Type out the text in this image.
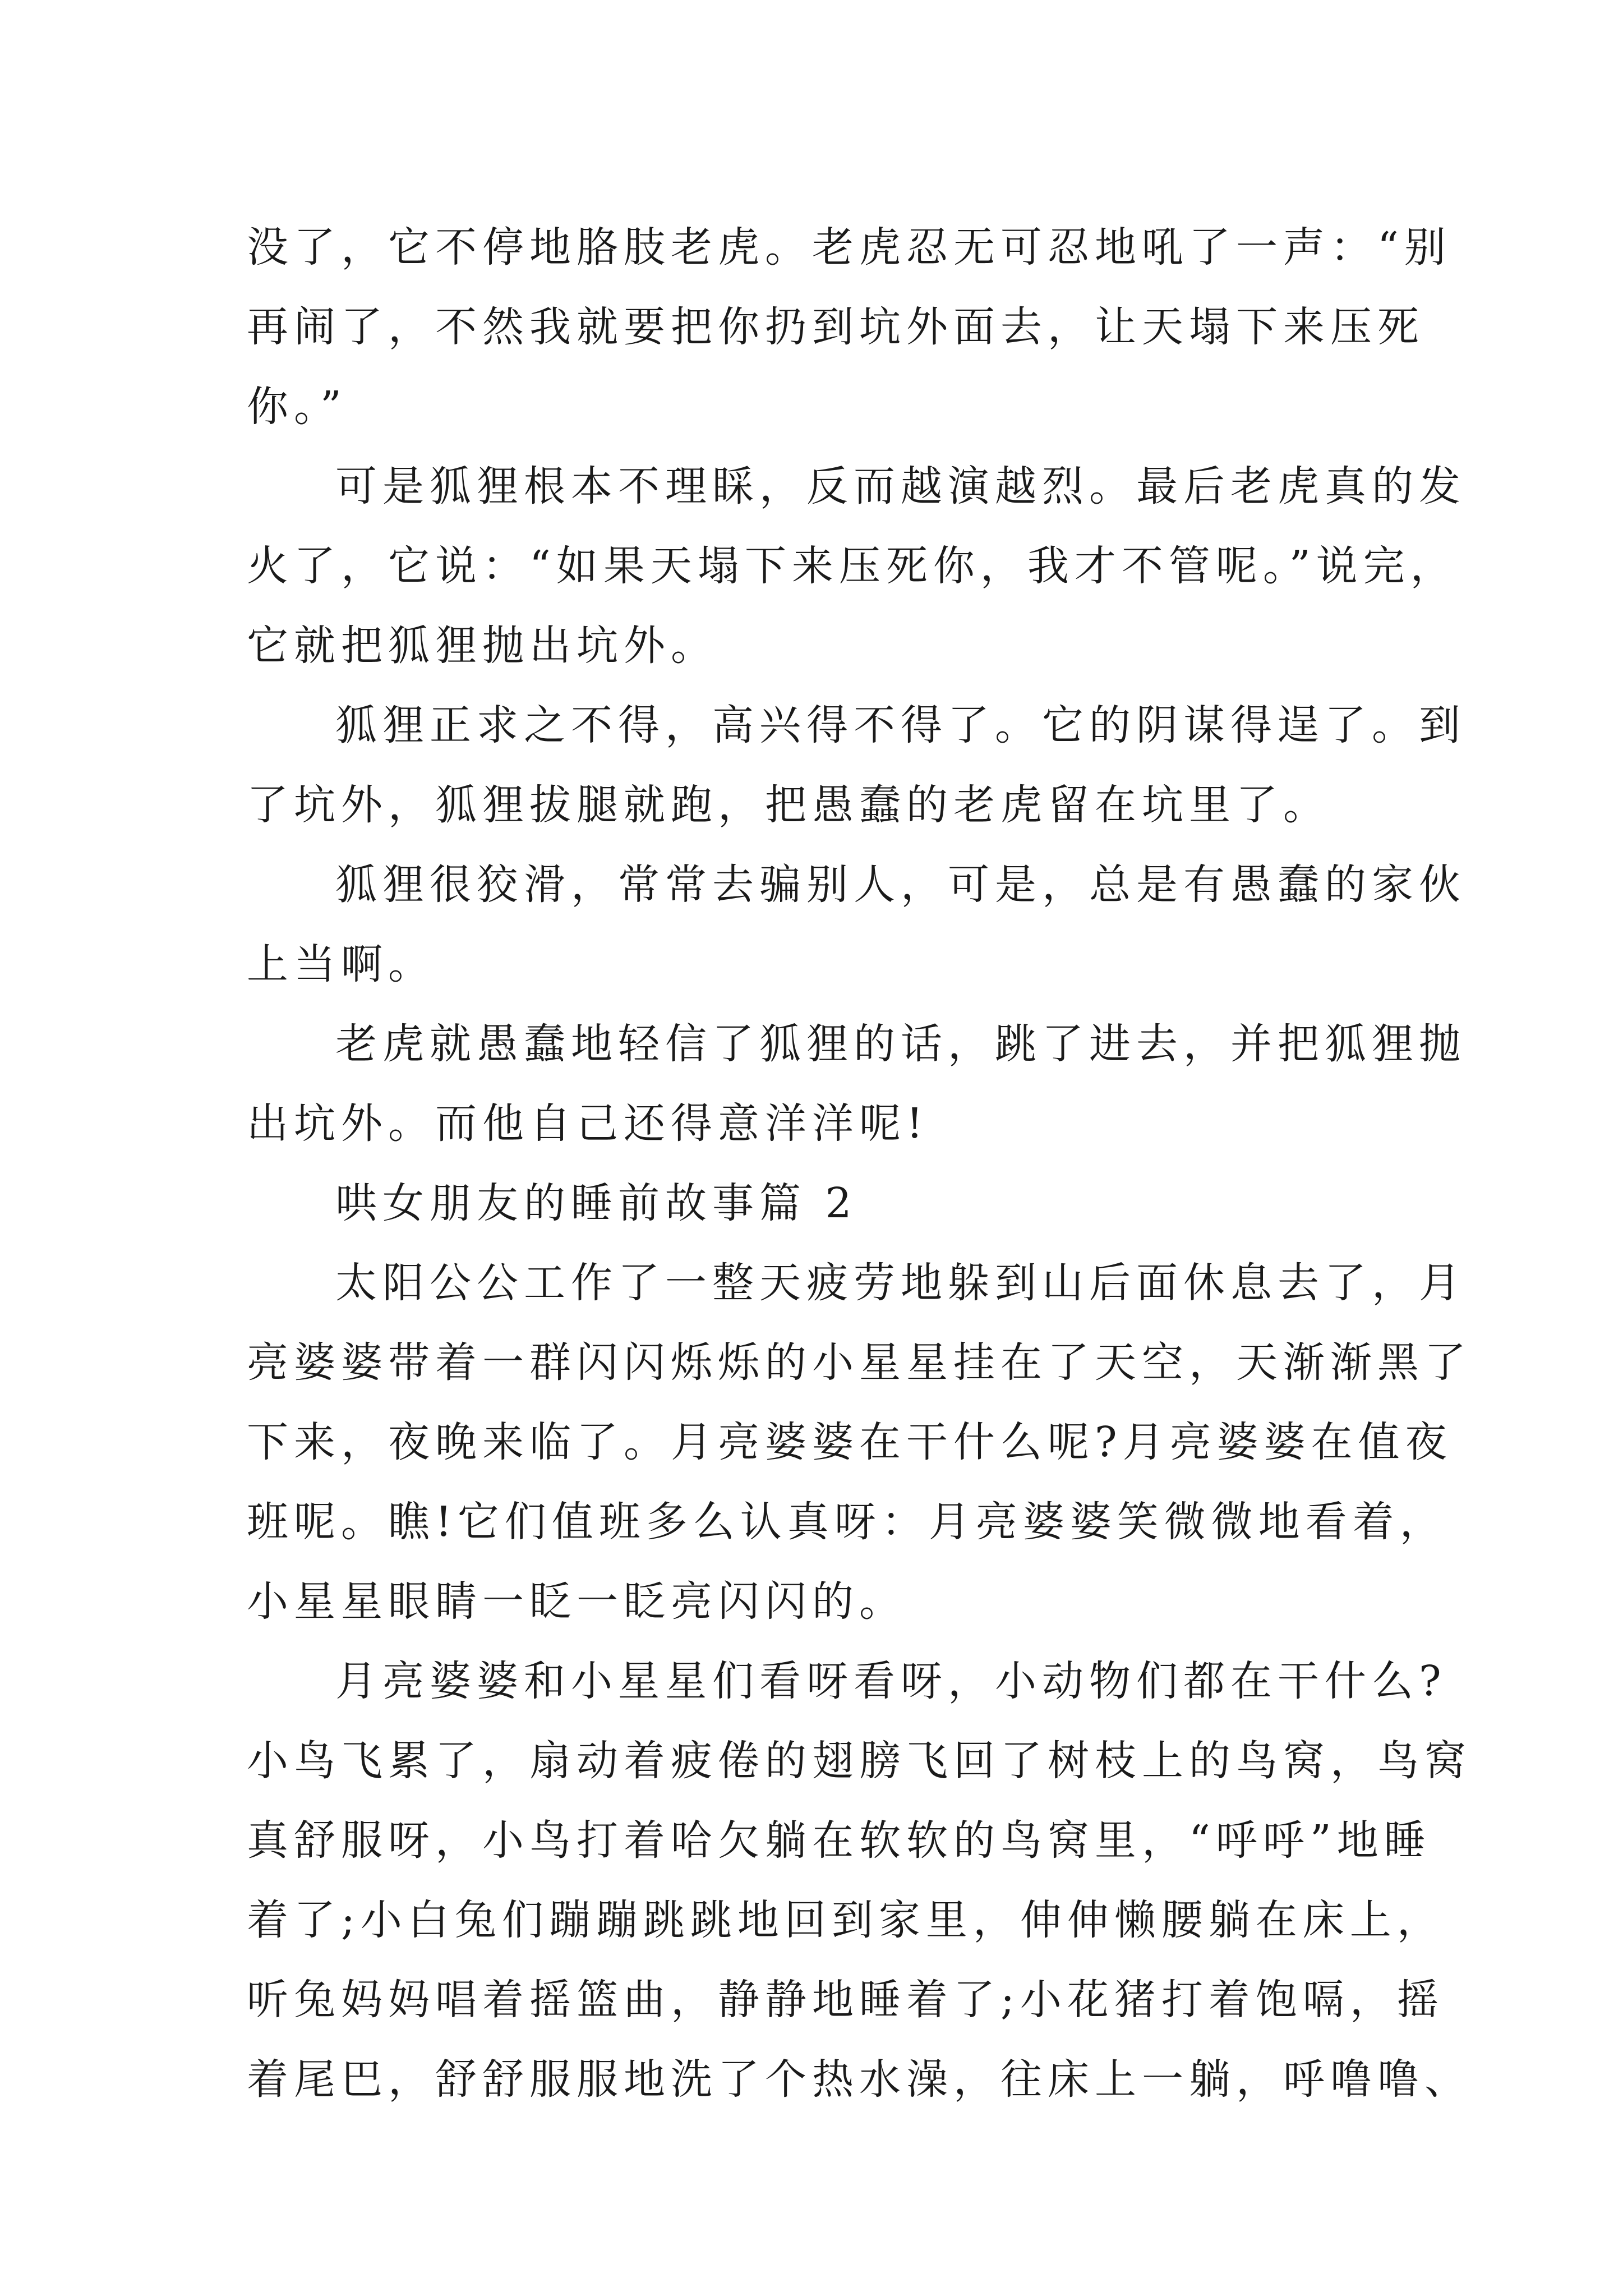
没了，它不停地胳肢老虎。老虎忍无可忍地吼了一声：“别
再闹了，不然我就要把你扔到坑外面去，让天塌下来压死
你。”
可是狐狸根本不理睬，反而越演越烈。最后老虎真的发
火了，它说：“如果天塌下来压死你，我才不管呢。”说完，
它就把狐狸抛出坑外。
狐狸正求之不得，高兴得不得了。它的阴谋得逞了。到
了坑外，狐狸拔腿就跑，把愚蠢的老虎留在坑里了。
狐狸很狡滑，常常去骗别人，可是，总是有愚蠢的家伙
上当啊。
老虎就愚蠢地轻信了狐狸的话，跳了进去，并把狐狸抛
出坑外。而他自己还得意洋洋呢!
哄女朋友的睡前故事篇 2
太阳公公工作了一整天疲劳地躲到山后面休息去了，月
亮婆婆带着一群闪闪烁烁的小星星挂在了天空，天渐渐黑了
下来，夜晚来临了。月亮婆婆在干什么呢?月亮婆婆在值夜
班呢。瞧!它们值班多么认真呀：月亮婆婆笑微微地看着，
小星星眼睛一眨一眨亮闪闪的。
月亮婆婆和小星星们看呀看呀，小动物们都在干什么?
小鸟飞累了，扇动着疲倦的翅膀飞回了树枝上的鸟窝，鸟窝
真舒服呀，小鸟打着哈欠躺在软软的鸟窝里，“呼呼”地睡
着了;小白兔们蹦蹦跳跳地回到家里，伸伸懒腰躺在床上，
听兔妈妈唱着摇篮曲，静静地睡着了;小花猪打着饱嗝，摇
着尾巴，舒舒服服地洗了个热水澡，往床上一躺，呼噜噜、
